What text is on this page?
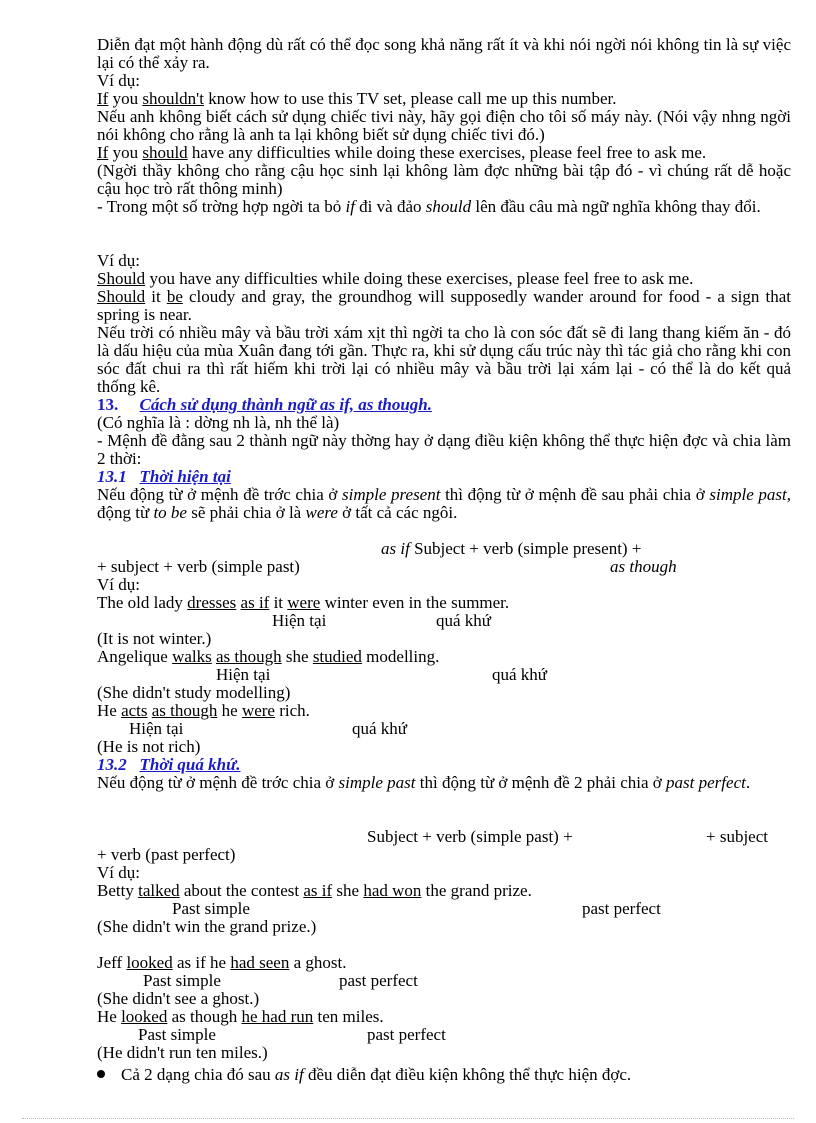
Diễn đạt một hành động dù rất có thể đọc song khả năng rất ít và khi nói ngời nói không tin là sự việc lại có thể xảy ra.
Ví dụ:
If you shouldn't know how to use this TV set, please call me up this number.
Nếu anh không biết cách sử dụng chiếc tivi này, hãy gọi điện cho tôi số máy này. (Nói vậy nhng ngời nói không cho rằng là anh ta lại không biết sử dụng chiếc tivi đó.)
If you should have any difficulties while doing these exercises, please feel free to ask me.
(Ngời thầy không cho rằng cậu học sinh lại không làm đợc những bài tập đó - vì chúng rất dễ hoặc cậu học trò rất thông minh)
- Trong một số trờng hợp ngời ta bỏ if đi và đảo should lên đầu câu mà ngữ nghĩa không thay đổi.
Ví dụ:
Should you have any difficulties while doing these exercises, please feel free to ask me.
Should it be cloudy and gray, the groundhog will supposedly wander around for food - a sign that spring is near.
Nếu trời có nhiều mây và bầu trời xám xịt thì ngời ta cho là con sóc đất sẽ đi lang thang kiếm ăn - đó là dấu hiệu của mùa Xuân đang tới gần. Thực ra, khi sử dụng cấu trúc này thì tác giả cho rằng khi con sóc đất chui ra thì rất hiếm khi trời lại có nhiều mây và bầu trời lại xám lại - có thể là do kết quả thống kê.
13. Cách sử dụng thành ngữ as if, as though.
(Có nghĩa là : dờng nh là, nh thể là)
- Mệnh đề đằng sau 2 thành ngữ này thờng hay ở dạng điều kiện không thể thực hiện đợc và chia làm 2 thời:
13.1 Thời hiện tại
Nếu động từ ở mệnh đề trớc chia ở simple present thì động từ ở mệnh đề sau phải chia ở simple past, động từ to be sẽ phải chia ở là were ở tất cả các ngôi.
as if Subject + verb (simple present) +
+ subject + verb (simple past)	as though
Ví dụ:
The old lady dresses as if it were winter even in the summer.
Hiện tại	quá khứ
(It is not winter.)
Angelique walks as though she studied modelling.
Hiện tại	quá khứ
(She didn't study modelling)
He acts as though he were rich.
Hiện tại	quá khứ
(He is not rich)
13.2 Thời quá khứ.
Nếu động từ ở mệnh đề trớc chia ở simple past thì động từ ở mệnh đề 2 phải chia ở past perfect.
Subject + verb (simple past) +	+ subject
+ verb (past perfect)
Ví dụ:
Betty talked about the contest as if she had won the grand prize.
Past simple	past perfect
(She didn't win the grand prize.)
Jeff looked as if he had seen a ghost.
Past simple	past perfect
(She didn't see a ghost.)
He looked as though he had run ten miles.
Past simple	past perfect
(He didn't run ten miles.)
Cả 2 dạng chia đó sau as if đều diễn đạt điều kiện không thể thực hiện đợc.
